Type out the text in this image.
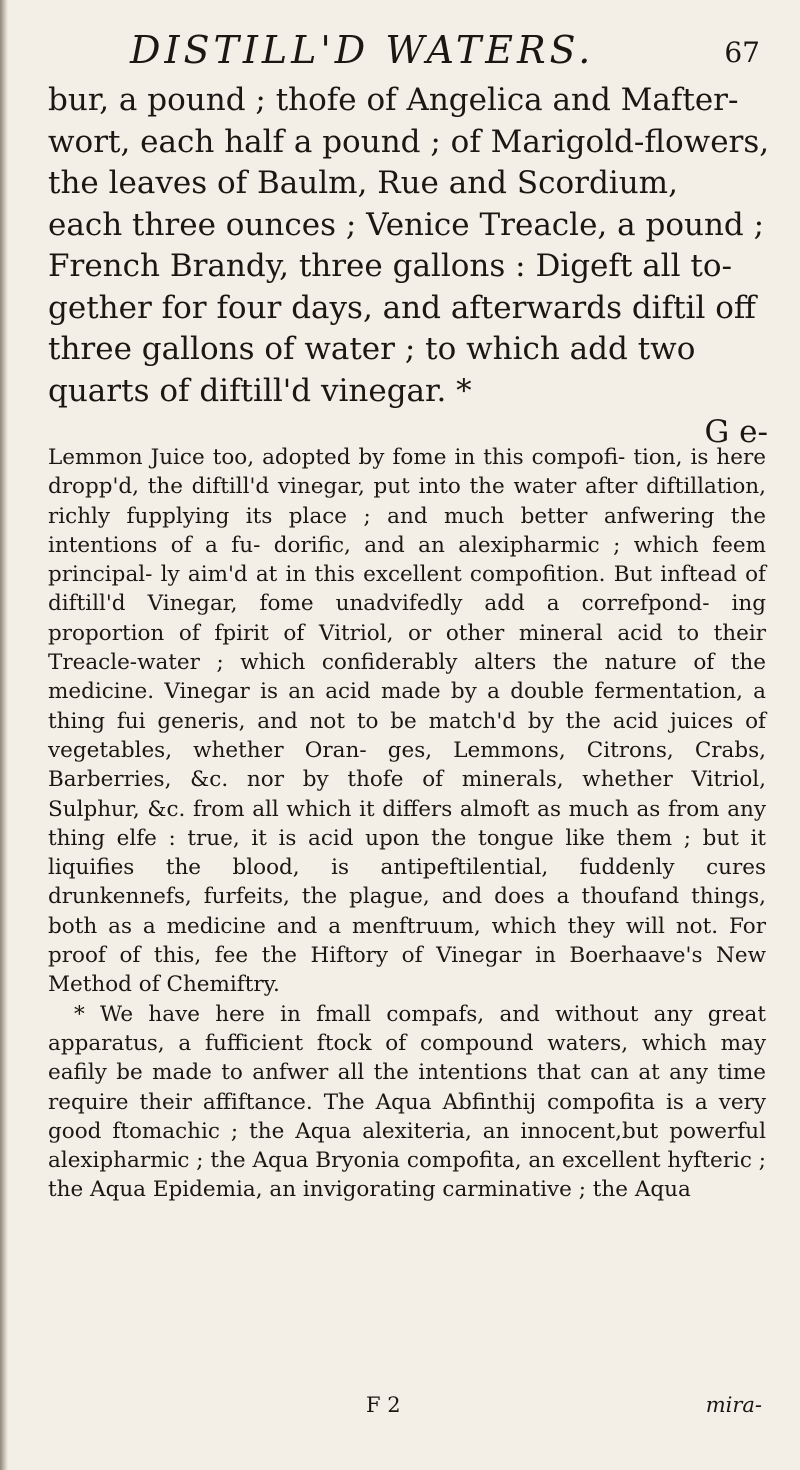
DISTILL'D WATERS.	67
bur, a pound ; thofe of Angelica and Mafter-
wort, each half a pound ; of Marigold-flowers,
the leaves of Baulm, Rue and Scordium,
each three ounces ; Venice Treacle, a pound ;
French Brandy, three gallons : Digeft all to-
gether for four days, and afterwards diftil off
three gallons of water ; to which add two
quarts of diftill'd vinegar. *
G e-

Lemmon Juice too, adopted by fome in this compofi- tion, is here dropp'd, the diftill'd vinegar, put into the water after diftillation, richly fupplying its place ; and much better anfwering the intentions of a fu- dorific, and an alexipharmic ; which feem principal- ly aim'd at in this excellent compofition. But inftead of diftill'd Vinegar, fome unadvifedly add a correfpond- ing proportion of fpirit of Vitriol, or other mineral acid to their Treacle-water ; which confiderably alters the nature of the medicine. Vinegar is an acid made by a double fermentation, a thing fui generis, and not to be match'd by the acid juices of vegetables, whether Oran- ges, Lemmons, Citrons, Crabs, Barberries, &c. nor by thofe of minerals, whether Vitriol, Sulphur, &c. from all which it differs almoft as much as from any thing elfe : true, it is acid upon the tongue like them ; but it liquifies the blood, is antipeftilential, fuddenly cures drunkennefs, furfeits, the plague, and does a thoufand things, both as a medicine and a menftruum, which they will not. For proof of this, fee the Hiftory of Vinegar in Boerhaave's New Method of Chemiftry.

* We have here in fmall compafs, and without any great apparatus, a fufficient ftock of compound waters, which may eafily be made to anfwer all the intentions that can at any time require their affiftance. The Aqua Abfinthij compofita is a very good ftomachic ; the Aqua alexiteria, an innocent,but powerful alexipharmic ; the Aqua Bryonia compofita, an excellent hyfteric ; the Aqua Epidemia, an invigorating carminative ; the Aqua

F 2	mira-
